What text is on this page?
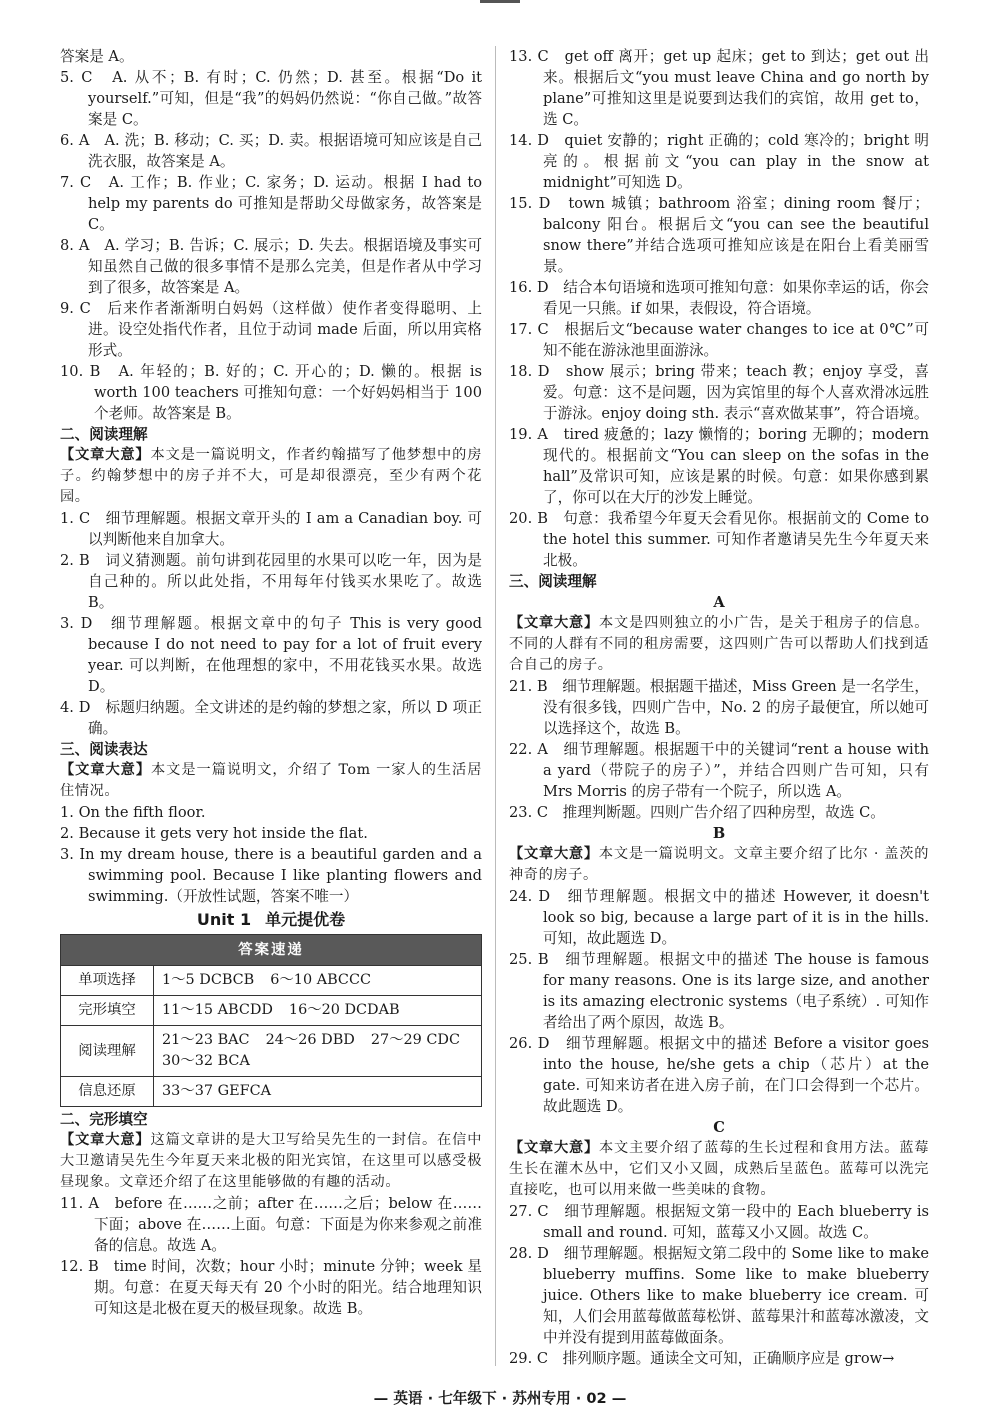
答案是 A。

5. C　A. 从不；B. 有时；C. 仍然；D. 甚至。根据“Do it yourself.”可知，但是“我”的妈妈仍然说：“你自己做。”故答案是 C。

6. A　A. 洗；B. 移动；C. 买；D. 卖。根据语境可知应该是自己洗衣服，故答案是 A。

7. C　A. 工作；B. 作业；C. 家务；D. 运动。根据 I had to help my parents do 可推知是帮助父母做家务，故答案是 C。

8. A　A. 学习；B. 告诉；C. 展示；D. 失去。根据语境及事实可知虽然自己做的很多事情不是那么完美，但是作者从中学习到了很多，故答案是 A。

9. C　后来作者渐渐明白妈妈（这样做）使作者变得聪明、上进。设空处指代作者，且位于动词 made 后面，所以用宾格形式。

10. B　A. 年轻的；B. 好的；C. 开心的；D. 懒的。根据 is worth 100 teachers 可推知句意：一个好妈妈相当于 100 个老师。故答案是 B。

二、阅读理解

【文章大意】本文是一篇说明文，作者约翰描写了他梦想中的房子。约翰梦想中的房子并不大，可是却很漂亮，至少有两个花园。

1. C　细节理解题。根据文章开头的 I am a Canadian boy. 可以判断他来自加拿大。

2. B　词义猜测题。前句讲到花园里的水果可以吃一年，因为是自己种的。所以此处指，不用每年付钱买水果吃了。故选 B。

3. D　细节理解题。根据文章中的句子 This is very good because I do not need to pay for a lot of fruit every year. 可以判断，在他理想的家中，不用花钱买水果。故选 D。

4. D　标题归纳题。全文讲述的是约翰的梦想之家，所以 D 项正确。

三、阅读表达

【文章大意】本文是一篇说明文，介绍了 Tom 一家人的生活居住情况。

1. On the fifth floor.

2. Because it gets very hot inside the flat.

3. In my dream house, there is a beautiful garden and a swimming pool. Because I like planting flowers and swimming.（开放性试题，答案不唯一）

Unit 1 单元提优卷
答案速递	
单项选择	1～5 DCBCB 6～10 ABCCC
完形填空	11～15 ABCDD 16～20 DCDAB
阅读理解	21～23 BAC 24～26 DBD 27～29 CDC
30～32 BCA
信息还原	33～37 GEFCA

二、完形填空

【文章大意】这篇文章讲的是大卫写给吴先生的一封信。在信中大卫邀请吴先生今年夏天来北极的阳光宾馆，在这里可以感受极昼现象。文章还介绍了在这里能够做的有趣的活动。

11. A　before 在……之前；after 在……之后；below 在……下面；above 在……上面。句意：下面是为你来参观之前准备的信息。故选 A。

12. B　time 时间，次数；hour 小时；minute 分钟；week 星期。句意：在夏天每天有 20 个小时的阳光。结合地理知识可知这是北极在夏天的极昼现象。故选 B。

13. C　get off 离开；get up 起床；get to 到达；get out 出来。根据后文“you must leave China and go north by plane”可推知这里是说要到达我们的宾馆，故用 get to，选 C。

14. D　quiet 安静的；right 正确的；cold 寒冷的；bright 明亮的。根据前文“you can play in the snow at midnight”可知选 D。

15. D　town 城镇；bathroom 浴室；dining room 餐厅；balcony 阳台。根据后文“you can see the beautiful snow there”并结合选项可推知应该是在阳台上看美丽雪景。

16. D　结合本句语境和选项可推知句意：如果你幸运的话，你会看见一只熊。if 如果，表假设，符合语境。

17. C　根据后文“because water changes to ice at 0℃”可知不能在游泳池里面游泳。

18. D　show 展示；bring 带来；teach 教；enjoy 享受，喜爱。句意：这不是问题，因为宾馆里的每个人喜欢滑冰远胜于游泳。enjoy doing sth. 表示“喜欢做某事”，符合语境。

19. A　tired 疲惫的；lazy 懒惰的；boring 无聊的；modern 现代的。根据前文“You can sleep on the sofas in the hall”及常识可知，应该是累的时候。句意：如果你感到累了，你可以在大厅的沙发上睡觉。

20. B　句意：我希望今年夏天会看见你。根据前文的 Come to the hotel this summer. 可知作者邀请吴先生今年夏天来北极。

三、阅读理解

A

【文章大意】本文是四则独立的小广告，是关于租房子的信息。不同的人群有不同的租房需要，这四则广告可以帮助人们找到适合自己的房子。

21. B　细节理解题。根据题干描述，Miss Green 是一名学生，没有很多钱，四则广告中，No. 2 的房子最便宜，所以她可以选择这个，故选 B。

22. A　细节理解题。根据题干中的关键词“rent a house with a yard（带院子的房子）”，并结合四则广告可知，只有 Mrs Morris 的房子带有一个院子，所以选 A。

23. C　推理判断题。四则广告介绍了四种房型，故选 C。

B

【文章大意】本文是一篇说明文。文章主要介绍了比尔 · 盖茨的神奇的房子。

24. D　细节理解题。根据文中的描述 However, it doesn't look so big, because a large part of it is in the hills. 可知，故此题选 D。

25. B　细节理解题。根据文中的描述 The house is famous for many reasons. One is its large size, and another is its amazing electronic systems（电子系统）. 可知作者给出了两个原因，故选 B。

26. D　细节理解题。根据文中的描述 Before a visitor goes into the house, he/she gets a chip（芯片）at the gate. 可知来访者在进入房子前，在门口会得到一个芯片。故此题选 D。

C

【文章大意】本文主要介绍了蓝莓的生长过程和食用方法。蓝莓生长在灌木丛中，它们又小又圆，成熟后呈蓝色。蓝莓可以洗完直接吃，也可以用来做一些美味的食物。

27. C　细节理解题。根据短文第一段中的 Each blueberry is small and round. 可知，蓝莓又小又圆。故选 C。

28. D　细节理解题。根据短文第二段中的 Some like to make blueberry muffins. Some like to make blueberry juice. Others like to make blueberry ice cream. 可知，人们会用蓝莓做蓝莓松饼、蓝莓果汁和蓝莓冰激凌，文中并没有提到用蓝莓做面条。

29. C　排列顺序题。通读全文可知，正确顺序应是 grow→

— 英语 · 七年级下 · 苏州专用 · 02 —
